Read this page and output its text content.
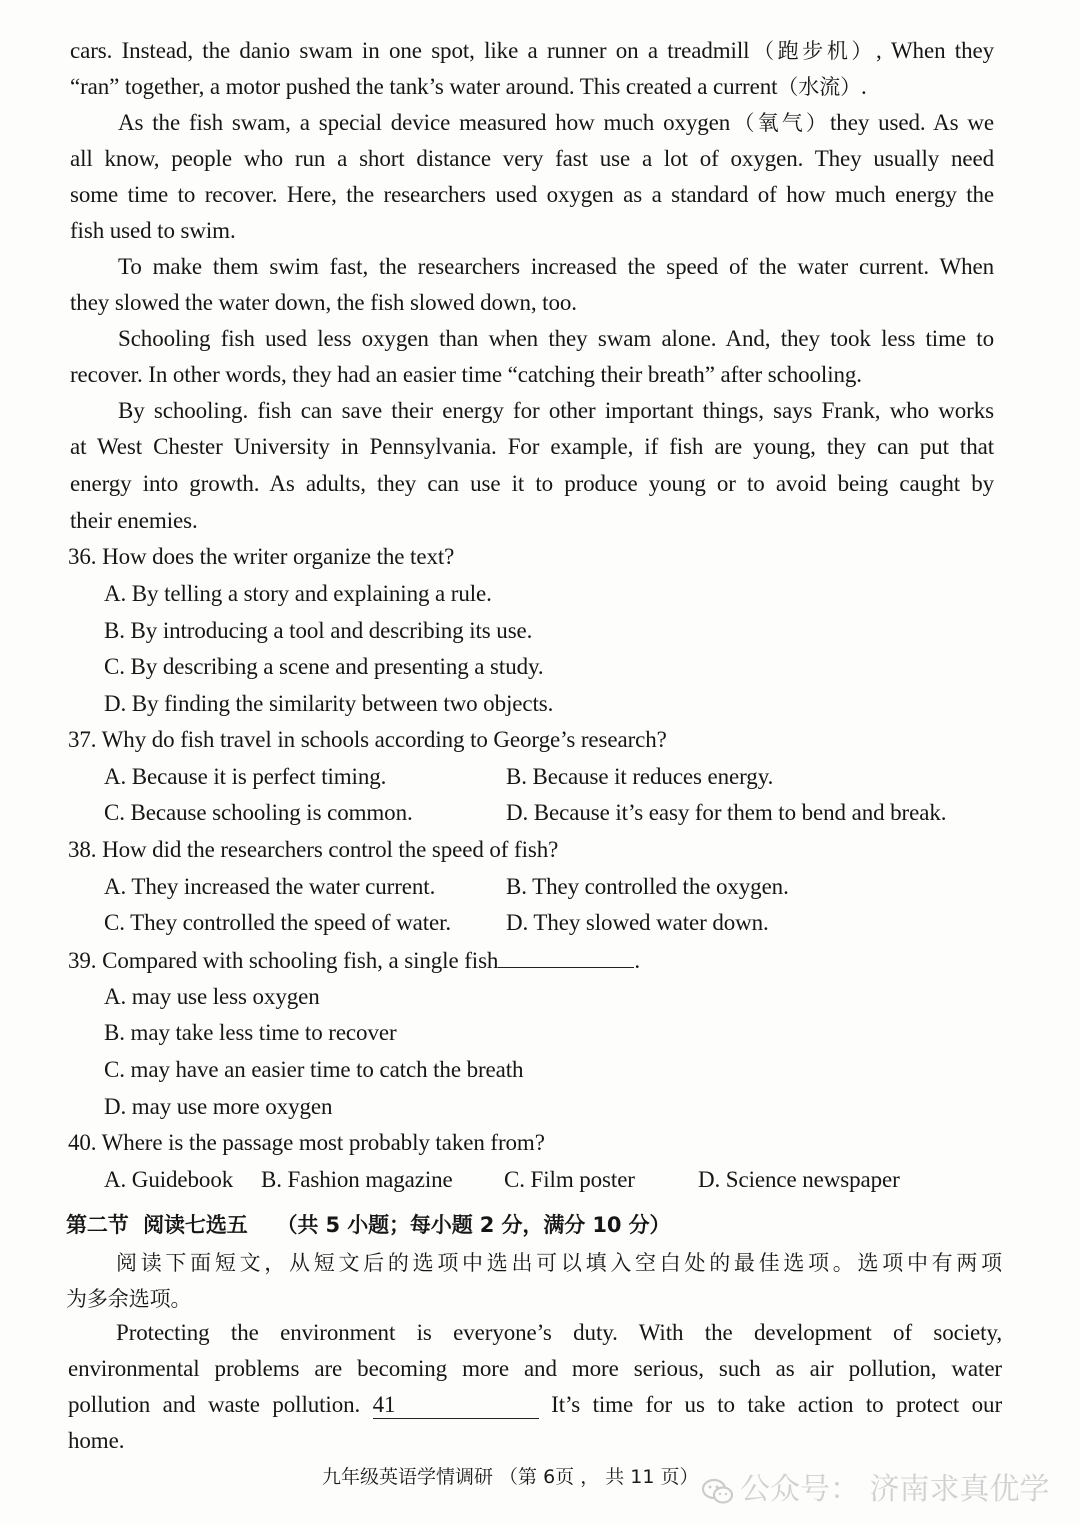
cars. Instead, the danio swam in one spot, like a runner on a treadmill（跑步机）, When they
“ran” together, a motor pushed the tank’s water around. This created a current（水流）.
As the fish swam, a special device measured how much oxygen（氧气）they used. As we
all know, people who run a short distance very fast use a lot of oxygen. They usually need
some time to recover. Here, the researchers used oxygen as a standard of how much energy the
fish used to swim.
To make them swim fast, the researchers increased the speed of the water current. When
they slowed the water down, the fish slowed down, too.
Schooling fish used less oxygen than when they swam alone. And, they took less time to
recover. In other words, they had an easier time “catching their breath” after schooling.
By schooling. fish can save their energy for other important things, says Frank, who works
at West Chester University in Pennsylvania. For example, if fish are young, they can put that
energy into growth. As adults, they can use it to produce young or to avoid being caught by
their enemies.
36. How does the writer organize the text?
A. By telling a story and explaining a rule.
B. By introducing a tool and describing its use.
C. By describing a scene and presenting a study.
D. By finding the similarity between two objects.
37. Why do fish travel in schools according to George’s research?
A. Because it is perfect timing.	B. Because it reduces energy.
C. Because schooling is common.	D. Because it’s easy for them to bend and break.
38. How did the researchers control the speed of fish?
A. They increased the water current.	B. They controlled the oxygen.
C. They controlled the speed of water. D. They slowed water down.
39. Compared with schooling fish, a single fish	.
A. may use less oxygen
B. may take less time to recover
C. may have an easier time to catch the breath
D. may use more oxygen
40. Where is the passage most probably taken from?
A. Guidebook B. Fashion magazine C. Film poster	D. Science newspaper
第二节  阅读七选五    （共 5 小题；每小题 2 分，满分 10 分）
阅读下面短文，从短文后的选项中选出可以填入空白处的最佳选项。选项中有两项
为多余选项。
Protecting the environment is everyone’s duty. With the development of society,
environmental problems are becoming more and more serious, such as air pollution, water
pollution and waste pollution. 41	It’s time for us to take action to protect our
home.
九年级英语学情调研 （第 6页 ， 共 11 页）	公众号： 济南求真优学
